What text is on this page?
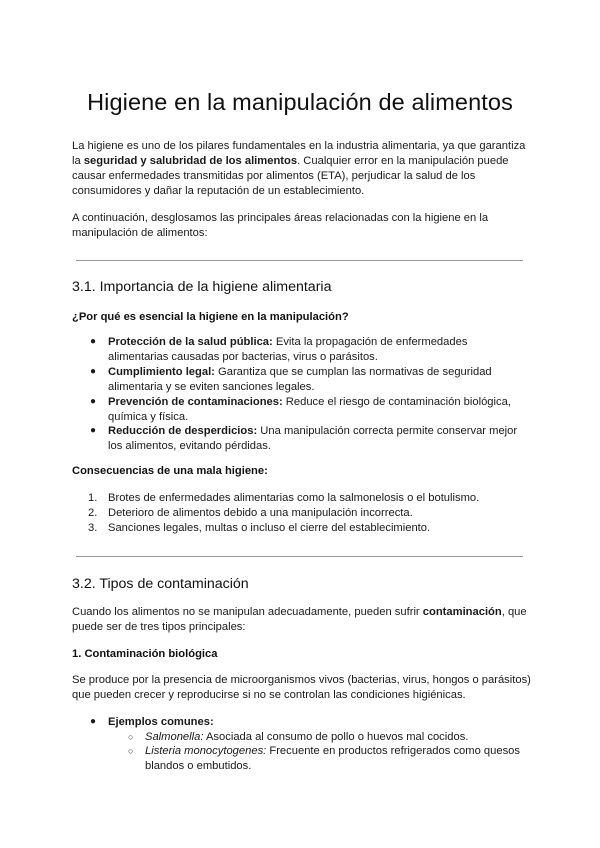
Higiene en la manipulación de alimentos

La higiene es uno de los pilares fundamentales en la industria alimentaria, ya que garantiza la seguridad y salubridad de los alimentos. Cualquier error en la manipulación puede causar enfermedades transmitidas por alimentos (ETA), perjudicar la salud de los consumidores y dañar la reputación de un establecimiento.

A continuación, desglosamos las principales áreas relacionadas con la higiene en la manipulación de alimentos:

3.1. Importancia de la higiene alimentaria
¿Por qué es esencial la higiene en la manipulación?
● Protección de la salud pública: Evita la propagación de enfermedades alimentarias causadas por bacterias, virus o parásitos.
● Cumplimiento legal: Garantiza que se cumplan las normativas de seguridad alimentaria y se eviten sanciones legales.
● Prevención de contaminaciones: Reduce el riesgo de contaminación biológica, química y física.
● Reducción de desperdicios: Una manipulación correcta permite conservar mejor los alimentos, evitando pérdidas.
Consecuencias de una mala higiene:
1. Brotes de enfermedades alimentarias como la salmonelosis o el botulismo.
2. Deterioro de alimentos debido a una manipulación incorrecta.
3. Sanciones legales, multas o incluso el cierre del establecimiento.
3.2. Tipos de contaminación

Cuando los alimentos no se manipulan adecuadamente, pueden sufrir contaminación, que puede ser de tres tipos principales:

1. Contaminación biológica

Se produce por la presencia de microorganismos vivos (bacterias, virus, hongos o parásitos) que pueden crecer y reproducirse si no se controlan las condiciones higiénicas.

● Ejemplos comunes:
○ Salmonella: Asociada al consumo de pollo o huevos mal cocidos.
○ Listeria monocytogenes: Frecuente en productos refrigerados como quesos blandos o embutidos.
